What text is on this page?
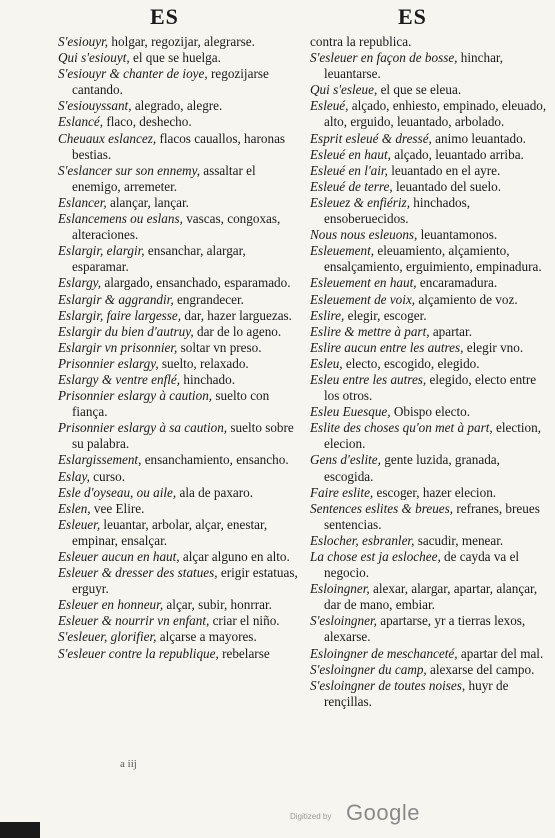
ES	ES

S'esiouyr, holgar, regozijar, alegrarse.

Qui s'esiouyt, el que se huelga.

S'esiouyr & chanter de ioye, regozijarse cantando.

S'esiouyssant, alegrado, alegre.

Eslancé, flaco, deshecho.

Cheuaux eslancez, flacos cauallos, haronas bestias.

S'eslancer sur son ennemy, assaltar el enemigo, arremeter.

Eslancer, alançar, lançar.

Eslancemens ou eslans, vascas, congoxas, alteraciones.

Eslargir, elargir, ensanchar, alargar, esparamar.

Eslargy, alargado, ensanchado, esparamado.

Eslargir & aggrandir, engrandecer.

Eslargir, faire largesse, dar, hazer larguezas.

Eslargir du bien d'autruy, dar de lo ageno.

Eslargir vn prisonnier, soltar vn preso.

Prisonnier eslargy, suelto, relaxado.

Eslargy & ventre enflé, hinchado.

Prisonnier eslargy à caution, suelto con fiança.

Prisonnier eslargy à sa caution, suelto sobre su palabra.

Eslargissement, ensanchamiento, ensancho.

Eslay, curso.

Esle d'oyseau, ou aile, ala de paxaro.

Eslen, vee Elire.

Esleuer, leuantar, arbolar, alçar, enestar, empinar, ensalçar.

Esleuer aucun en haut, alçar alguno en alto.

Esleuer & dresser des statues, erigir estatuas, erguyr.

Esleuer en honneur, alçar, subir, honrrar.

Esleuer & nourrir vn enfant, criar el niño.

S'esleuer, glorifier, alçarse a mayores.

S'esleuer contre la republique, rebelarse

contra la republica.

S'esleuer en façon de bosse, hinchar, leuantarse.

Qui s'esleue, el que se eleua.

Esleué, alçado, enhiesto, empinado, eleuado, alto, erguido, leuantado, arbolado.

Esprit esleué & dressé, animo leuantado.

Esleué en haut, alçado, leuantado arriba.

Esleué en l'air, leuantado en el ayre.

Esleué de terre, leuantado del suelo.

Esleuez & enfiériz, hinchados, ensoberuecidos.

Nous nous esleuons, leuantamonos.

Esleuement, eleuamiento, alçamiento, ensalçamiento, erguimiento, empinadura.

Esleuement en haut, encaramadura.

Esleuement de voix, alçamiento de voz.

Eslire, elegir, escoger.

Eslire & mettre à part, apartar.

Eslire aucun entre les autres, elegir vno.

Esleu, electo, escogido, elegido.

Esleu entre les autres, elegido, electo entre los otros.

Esleu Euesque, Obispo electo.

Eslite des choses qu'on met à part, election, elecion.

Gens d'eslite, gente luzida, granada, escogida.

Faire eslite, escoger, hazer elecion.

Sentences eslites & breues, refranes, breues sentencias.

Eslocher, esbranler, sacudir, menear.

La chose est ja eslochee, de cayda va el negocio.

Esloingner, alexar, alargar, apartar, alançar, dar de mano, embiar.

S'esloingner, apartarse, yr a tierras lexos, alexarse.

Esloingner de meschanceté, apartar del mal.

S'esloingner du camp, alexarse del campo.

S'esloingner de toutes noises, huyr de rençillas.

a iij
Digitized by Google
